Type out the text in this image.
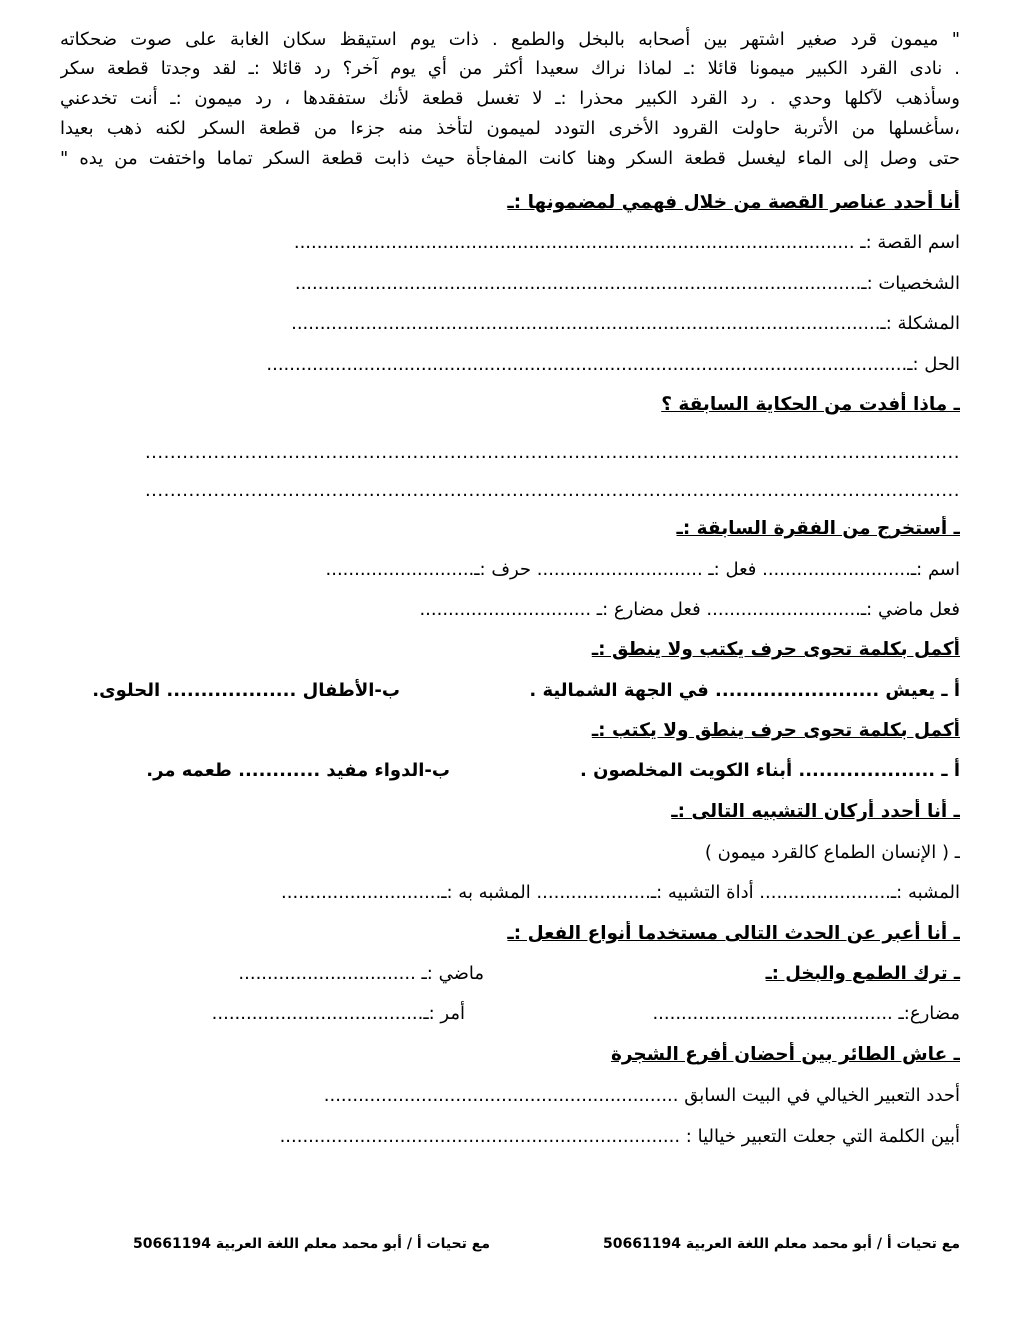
" ميمون قرد صغير اشتهر بين أصحابه بالبخل والطمع . ذات يوم استيقظ سكان الغابة على صوت ضحكاته
. نادى القرد الكبير ميمونا قائلا :ـ لماذا نراك سعيدا أكثر من أي يوم آخر؟ رد قائلا :ـ لقد وجدتا قطعة سكر
وسأذهب لآكلها وحدي . رد القرد الكبير محذرا :ـ لا تغسل قطعة لأنك ستفقدها ، رد ميمون :ـ أنت تخدعني
،سأغسلها من الأتربة حاولت القرود الأخرى التودد لميمون لتأخذ منه جزءا من قطعة السكر لكنه ذهب بعيدا
حتى وصل إلى الماء ليغسل قطعة السكر وهنا كانت المفاجأة حيث ذابت قطعة السكر تماما واختفت من يده "
أنا أحدد عناصر القصة من خلال فهمي لمضمونها :ـ
اسم القصة :ـ ..................................................................................................
الشخصيات :ـ...................................................................................................
المشكلة :ـ.......................................................................................................
الحل :ـ................................................................................................................
ـ ماذا أفدت من الحكاية السابقة ؟
...................................................................................................................................
...................................................................................................................................
ـ أستخرج من الفقرة السابقة :ـ
اسم :ـ.......................... فعل :ـ ............................. حرف :ـ..........................
فعل ماضي :ـ........................... فعل مضارع :ـ ..............................
أكمل بكلمة تحوى حرف يكتب ولا ينطق :ـ
أ ـ يعيش ........................ في الجهة الشمالية .
ب-الأطفال ................... الحلوى.
أكمل بكلمة تحوى حرف ينطق ولا يكتب :ـ
أ ـ .................... أبناء الكويت المخلصون .
ب-الدواء مفيد ............ طعمه مر.
ـ أنا أحدد أركان التشبيه التالى :ـ
ـ ( الإنسان الطماع كالقرد ميمون )
المشبه :ـ....................... أداة التشبيه :ـ.................... المشبه به :ـ............................
ـ أنا أعبر عن الحدث التالى مستخدما أنواع الفعل :ـ
ـ ترك الطمع والبخل :ـ
ماضي :ـ ...............................
مضارع:ـ ..........................................
أمر :ـ.....................................
ـ عاش الطائر بين أحضان أفرع الشجرة
أحدد التعبير الخيالي في البيت السابق ..............................................................
أبين الكلمة التي جعلت التعبير خياليا : ......................................................................
مع تحيات أ / أبو محمد معلم اللغة العربية 50661194
مع تحيات أ / أبو محمد معلم اللغة العربية 50661194
